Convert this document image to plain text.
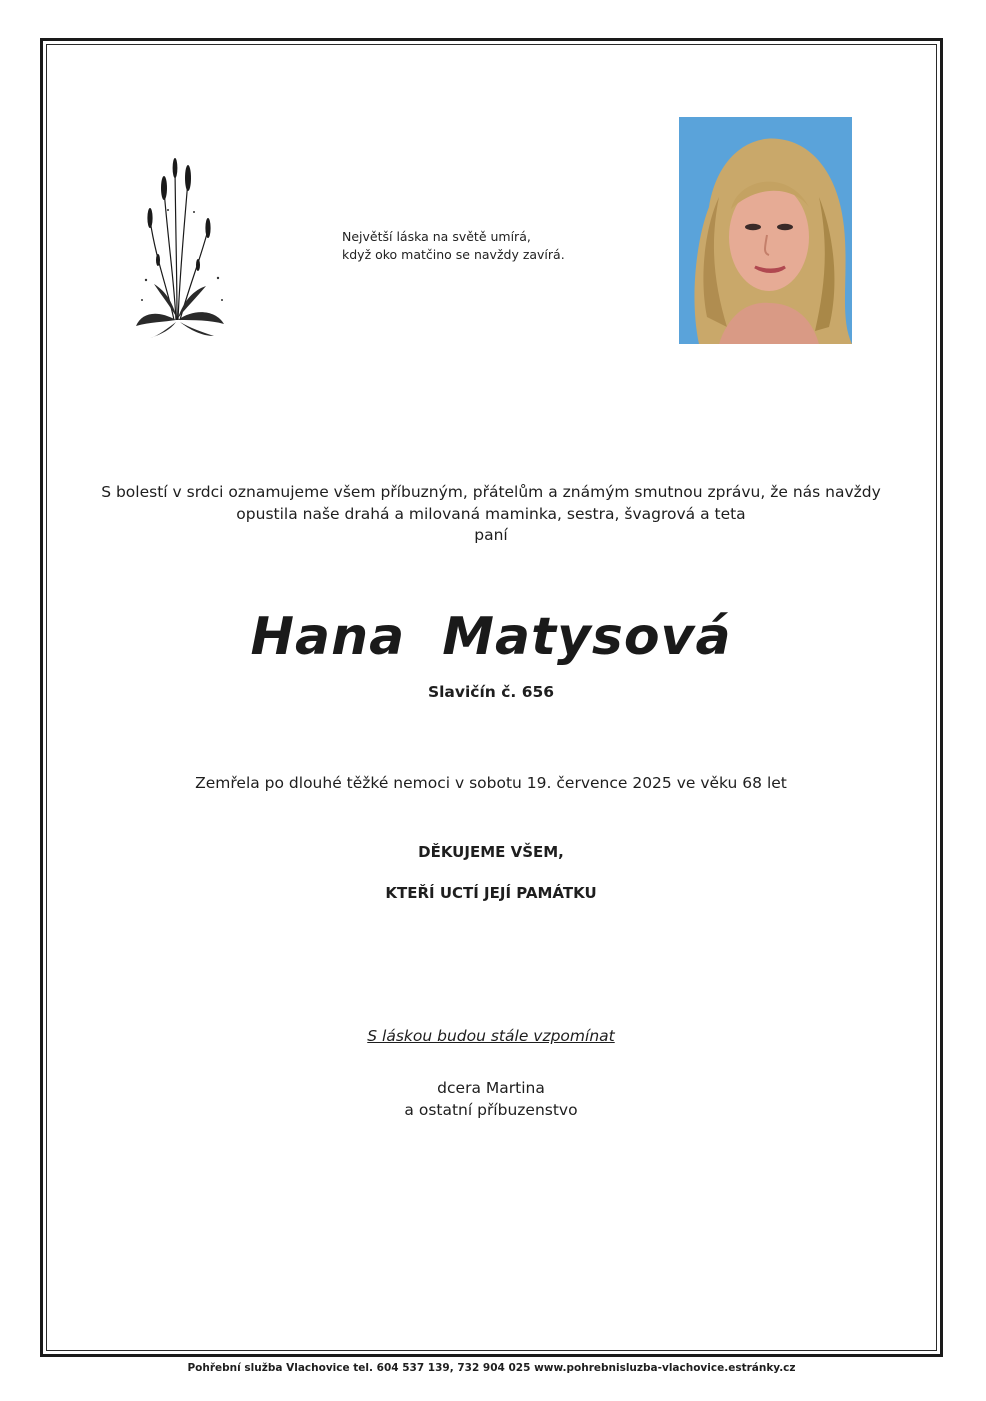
Největší láska na světě umírá,
když oko matčino se navždy zavírá.
S bolestí v srdci oznamujeme všem příbuzným, přátelům a známým smutnou zprávu, že nás navždy
opustila naše drahá a milovaná maminka, sestra, švagrová a teta
paní
Hana Matysová
Slavičín č. 656
Zemřela po dlouhé těžké nemoci v sobotu 19. července 2025 ve věku 68 let
DĚKUJEME VŠEM,
KTEŘÍ UCTÍ JEJÍ PAMÁTKU
S láskou budou stále vzpomínat
dcera Martina
a ostatní příbuzenstvo
Pohřební služba Vlachovice tel. 604 537 139, 732 904 025 www.pohrebnisluzba-vlachovice.estránky.cz
